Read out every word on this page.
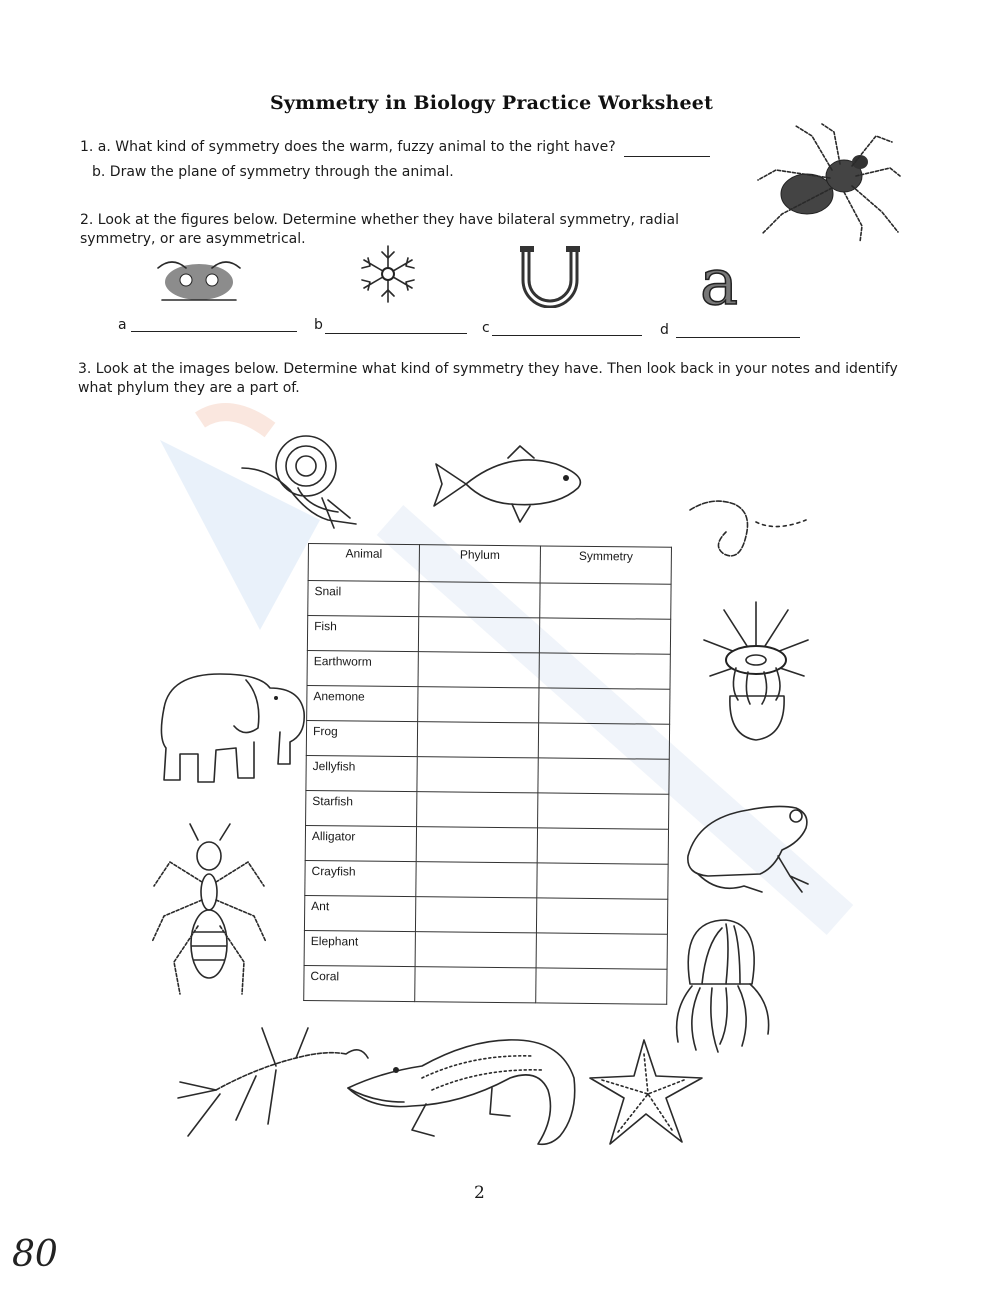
Symmetry in Biology Practice Worksheet
1. a. What kind of symmetry does the warm, fuzzy animal to the right have?
b. Draw the plane of symmetry through the animal.
2. Look at the figures below. Determine whether they have bilateral symmetry, radial
symmetry, or are asymmetrical.
a
a	b	c	d
3. Look at the images below. Determine what kind of symmetry they have. Then look back in your notes and identify
what phylum they are a part of.
Animal	Phylum	Symmetry
Snail		
Fish		
Earthworm		
Anemone		
Frog		
Jellyfish		
Starfish		
Alligator		
Crayfish		
Ant		
Elephant		
Coral		
2
80
